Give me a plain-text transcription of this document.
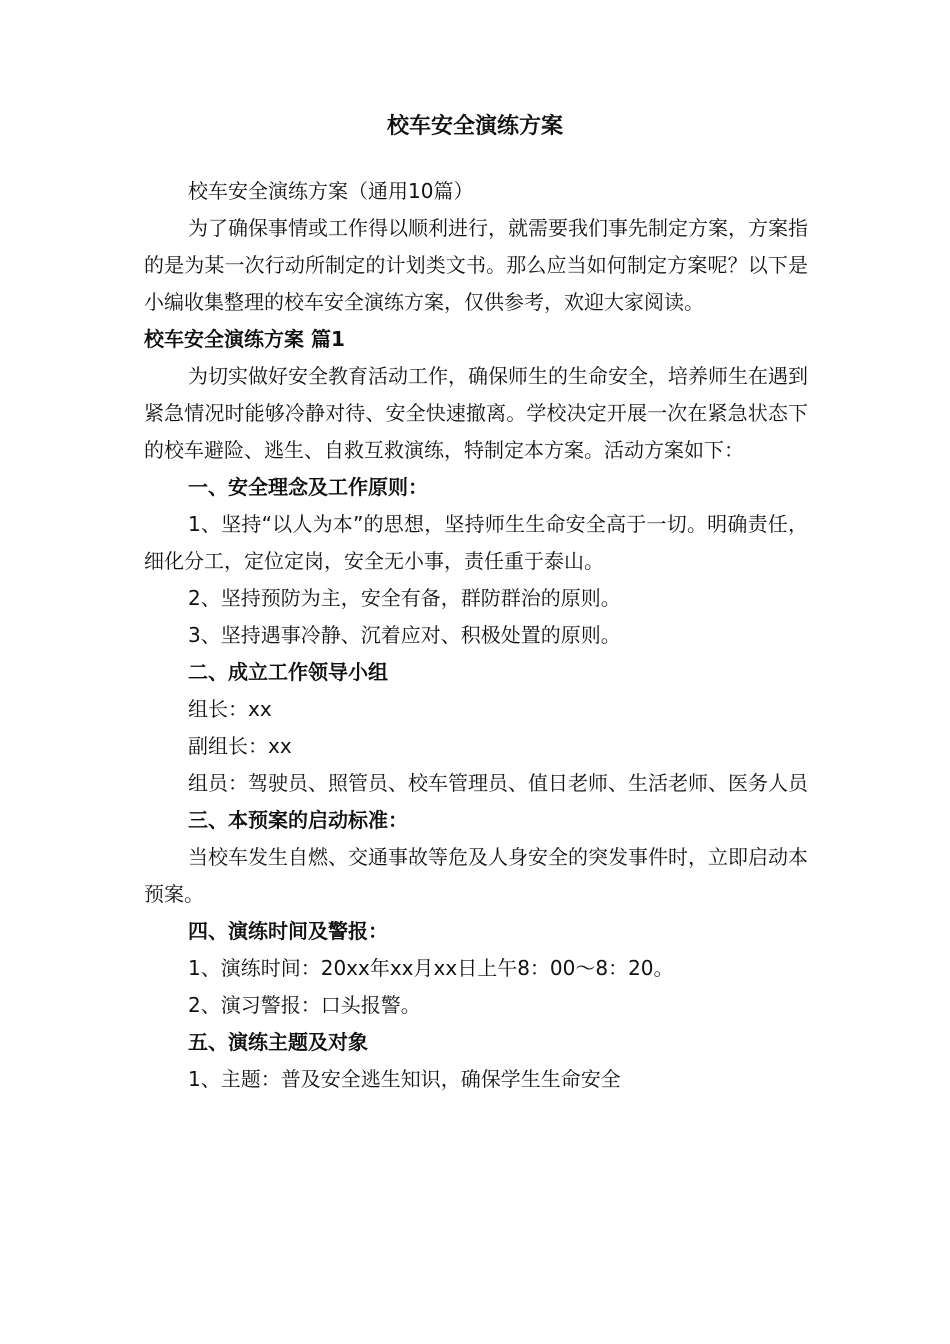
校车安全演练方案

校车安全演练方案（通用10篇）

为了确保事情或工作得以顺利进行，就需要我们事先制定方案，方案指的是为某一次行动所制定的计划类文书。那么应当如何制定方案呢？以下是小编收集整理的校车安全演练方案，仅供参考，欢迎大家阅读。

校车安全演练方案 篇1

为切实做好安全教育活动工作，确保师生的生命安全，培养师生在遇到紧急情况时能够冷静对待、安全快速撤离。学校决定开展一次在紧急状态下的校车避险、逃生、自救互救演练，特制定本方案。活动方案如下：

一、安全理念及工作原则：

1、坚持“以人为本”的思想，坚持师生生命安全高于一切。明确责任，细化分工，定位定岗，安全无小事，责任重于泰山。

2、坚持预防为主，安全有备，群防群治的原则。

3、坚持遇事冷静、沉着应对、积极处置的原则。

二、成立工作领导小组

组长：xx

副组长：xx

组员：驾驶员、照管员、校车管理员、值日老师、生活老师、医务人员

三、本预案的启动标准：

当校车发生自燃、交通事故等危及人身安全的突发事件时，立即启动本预案。

四、演练时间及警报：

1、演练时间：20xx年xx月xx日上午8：00～8：20。

2、演习警报：口头报警。

五、演练主题及对象

1、主题：普及安全逃生知识，确保学生生命安全
